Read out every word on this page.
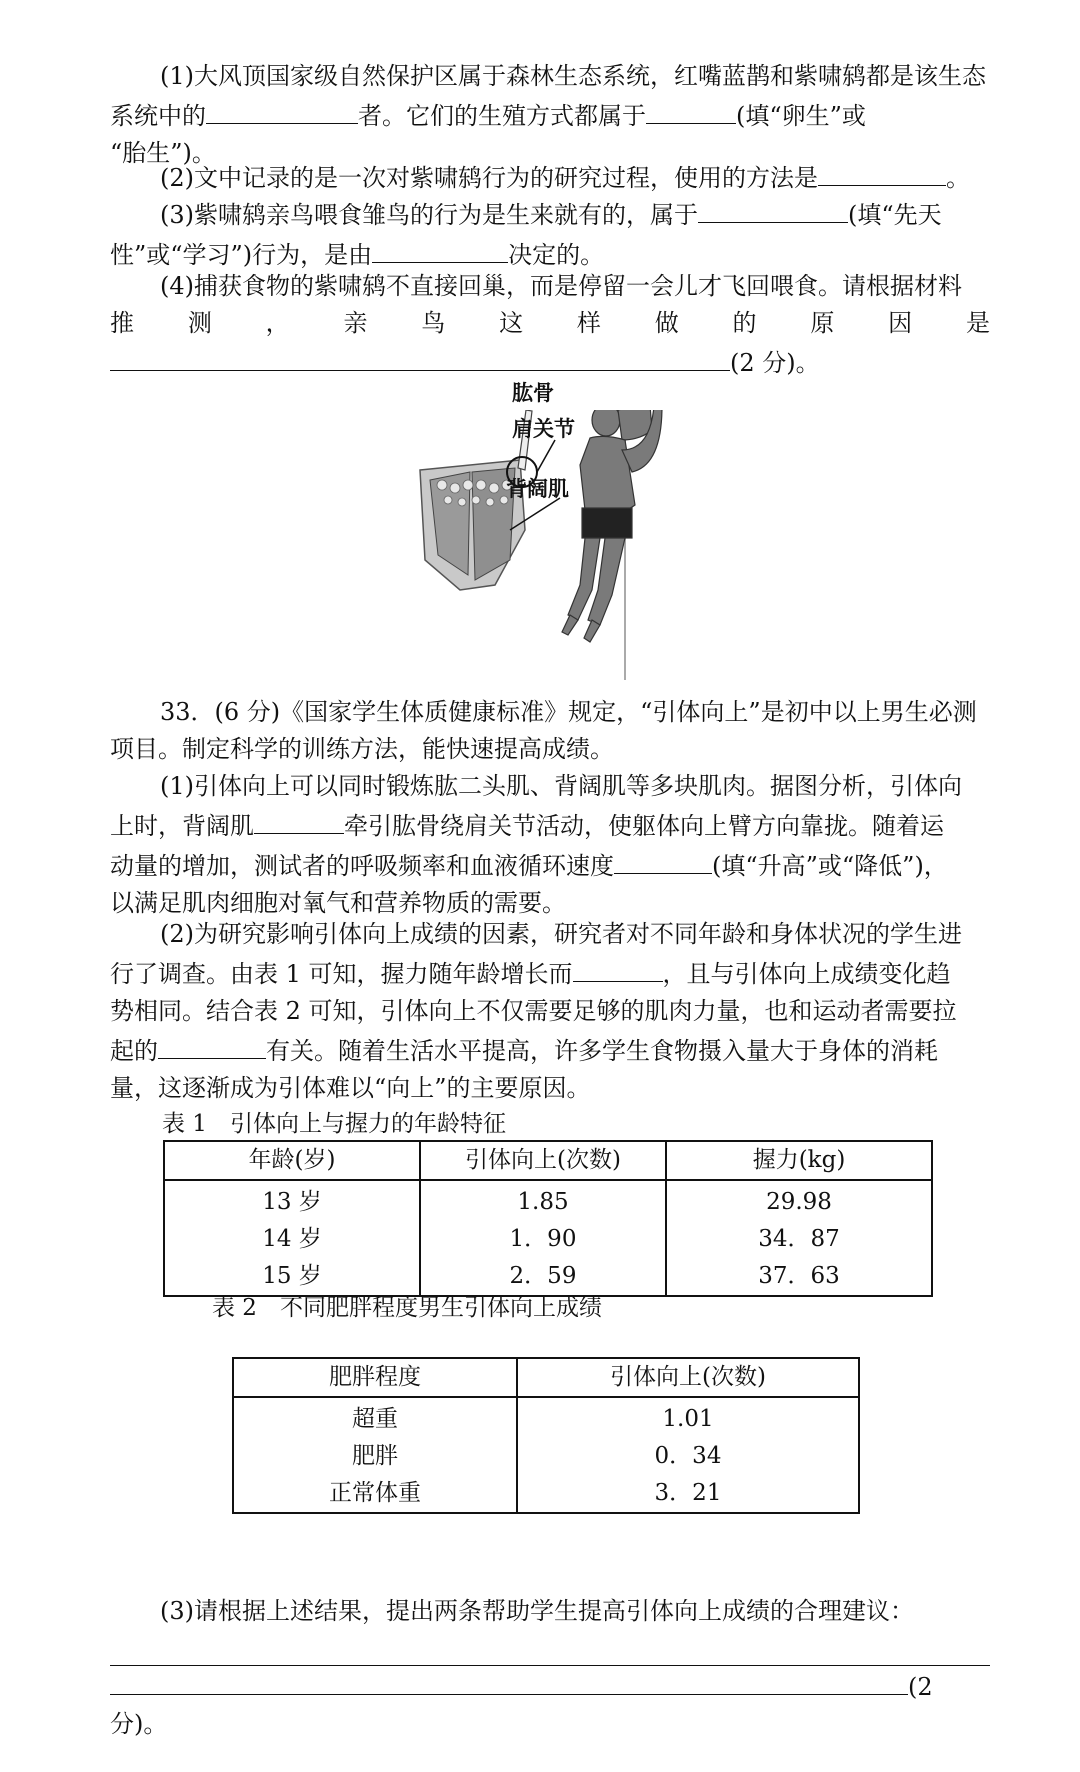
(1)大风顶国家级自然保护区属于森林生态系统，红嘴蓝鹊和紫啸鸫都是该生态系统中的	者。它们的生殖方式都属于	(填“卵生”或
“胎生”)。

(2)文中记录的是一次对紫啸鸫行为的研究过程，使用的方法是	。

(3)紫啸鸫亲鸟喂食雏鸟的行为是生来就有的，属于	(填“先天
性”或“学习”)行为，是由	决定的。

(4)捕获食物的紫啸鸫不直接回巢，而是停留一会儿才飞回喂食。请根据材料

推 测 ， 亲 鸟 这 样 做 的 原 因 是

(2 分)。

肱骨
肩关节
背阔肌

33．(6 分)《国家学生体质健康标准》规定，“引体向上”是初中以上男生必测
项目。制定科学的训练方法，能快速提高成绩。

(1)引体向上可以同时锻炼肱二头肌、背阔肌等多块肌肉。据图分析，引体向
上时，背阔肌	牵引肱骨绕肩关节活动，使躯体向上臂方向靠拢。随着运
动量的增加，测试者的呼吸频率和血液循环速度	(填“升高”或“降低”)，
以满足肌肉细胞对氧气和营养物质的需要。

(2)为研究影响引体向上成绩的因素，研究者对不同年龄和身体状况的学生进
行了调查。由表 1 可知，握力随年龄增长而	，且与引体向上成绩变化趋
势相同。结合表 2 可知，引体向上不仅需要足够的肌肉力量，也和运动者需要拉
起的	有关。随着生活水平提高，许多学生食物摄入量大于身体的消耗
量，这逐渐成为引体难以“向上”的主要原因。

表 1　引体向上与握力的年龄特征

年龄(岁)	引体向上(次数)	握力(kg)
13 岁	1.85	29.98
14 岁	1．90	34．87
15 岁	2．59	37．63

表 2　不同肥胖程度男生引体向上成绩

肥胖程度	引体向上(次数)
超重	1.01
肥胖	0．34
正常体重	3．21

(3)请根据上述结果，提出两条帮助学生提高引体向上成绩的合理建议：

(2 分)。
